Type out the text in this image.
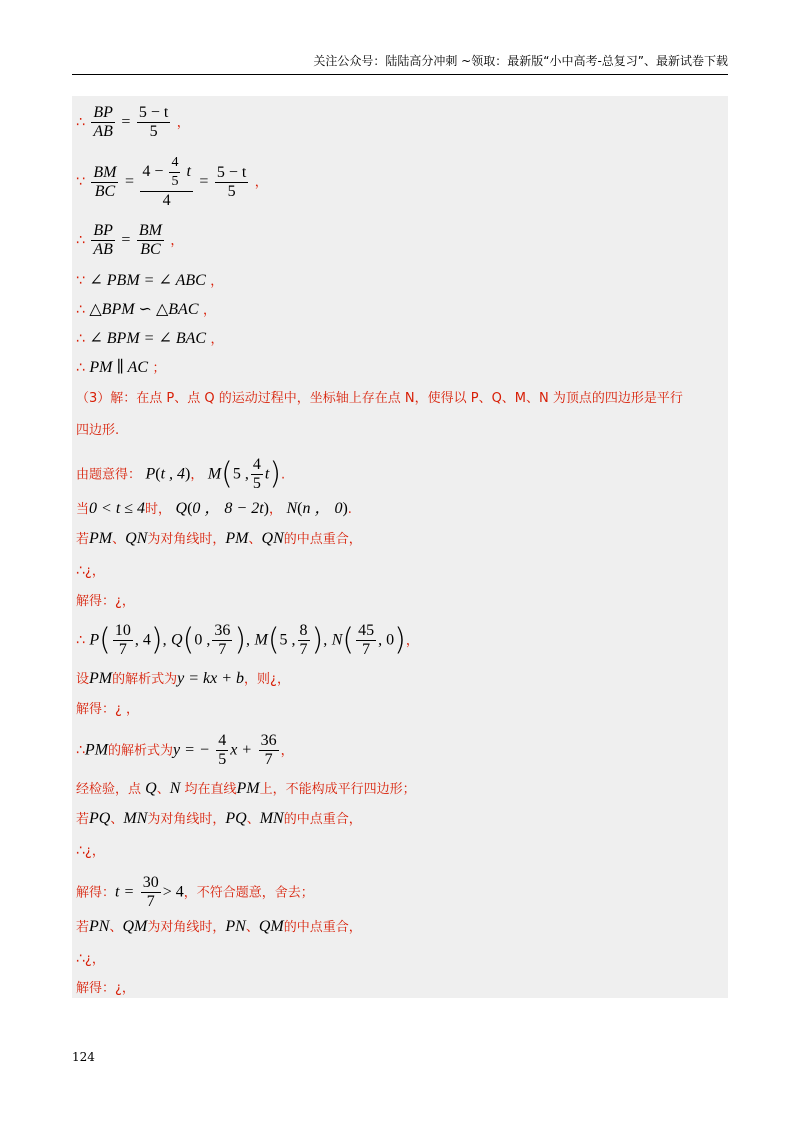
关注公众号：陆陆高分冲刺 ~领取：最新版“小中高考-总复习”、最新试卷下载
∴ $\frac{BP}{AB} = \frac{5 - t}{5}$ ，
∵ $\frac{BM}{BC} = \frac{4 - \frac{4}{5} t}{4} = \frac{5 - t}{5}$ ，
∴ $\frac{BP}{AB} = \frac{BM}{BC}$ ，
∵ ∠ PBM = ∠ ABC ，
∴ △BPM ∽ △BAC ，
∴ ∠ BPM = ∠ BAC ，
∴ PM ∥ AC ；
（3）解：在点 P、点 Q 的运动过程中，坐标轴上存在点 N，使得以 P、Q、M、N 为顶点的四边形是平行
四边形.
由题意得： P(t , 4)， M(5 , $\frac{4}{5} t$).
当0 < t ≤ 4时， Q(0 ， 8 − 2t)， N(n ， 0).
若PM、QN为对角线时，PM、QN的中点重合，
∴¿，
解得：¿，
∴ $P( \frac{10}{7}$ , 4), Q(0 , $\frac{36}{7}$ ), M(5 , $\frac{8}{7}$ ), $N( \frac{45}{7}$ , 0)，
设PM的解析式为y = kx + b，则¿，
解得：¿ ，
∴PM的解析式为y = − $\frac{4}{5}$ $x + \frac{36}{7}$ ，
经检验，点 Q、N 均在直线PM上，不能构成平行四边形；
若PQ、MN为对角线时，PQ、MN的中点重合，
∴¿，
解得：$t = \frac{30}{7} > 4$，不符合题意，舍去；
若PN、QM为对角线时，PN、QM的中点重合，
∴¿，
解得：¿，
124
